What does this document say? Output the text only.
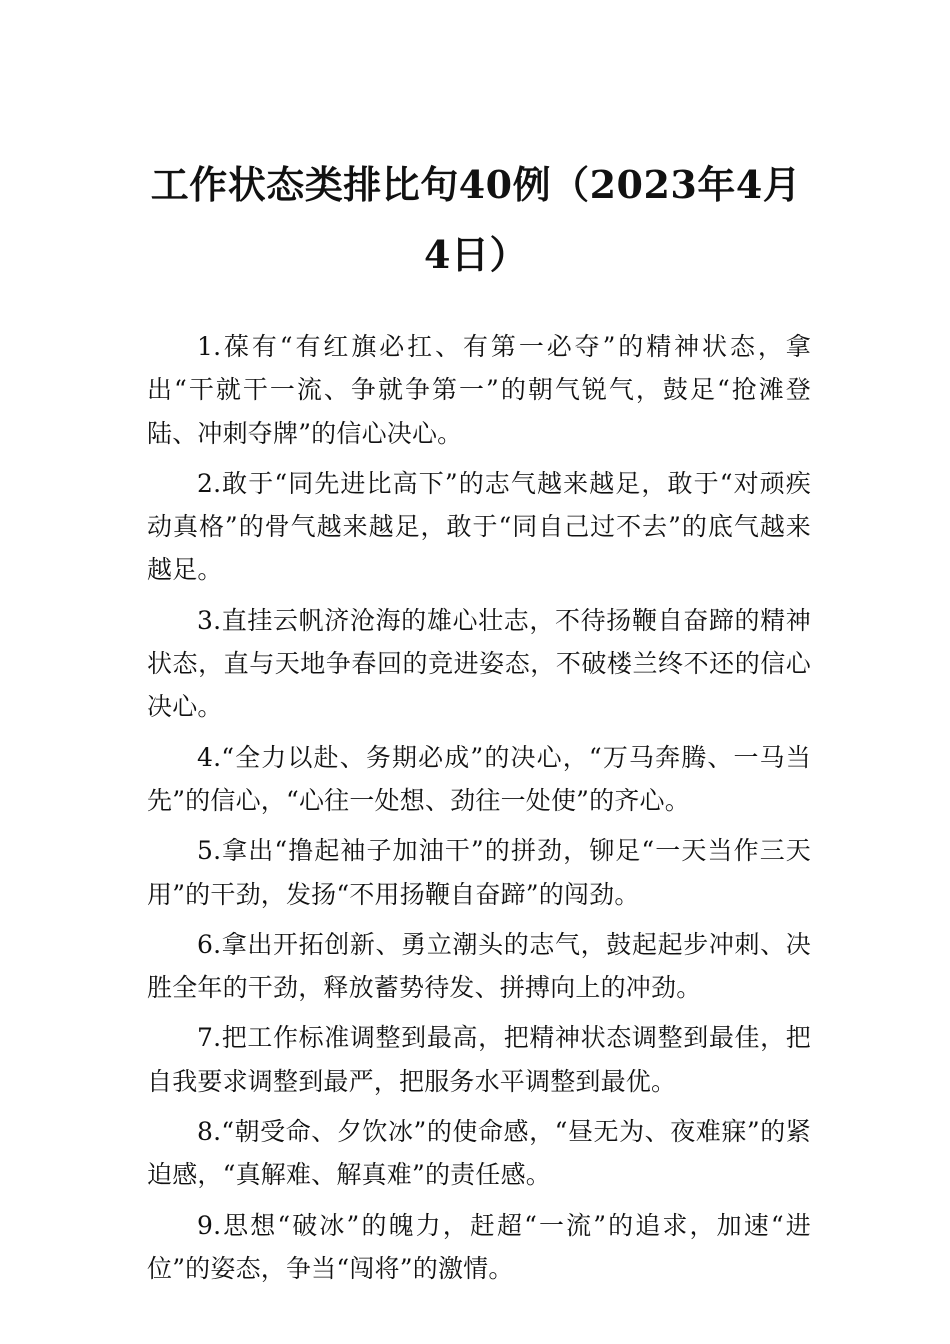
工作状态类排比句40例（2023年4月4日）

1.葆有“有红旗必扛、有第一必夺”的精神状态，拿出“干就干一流、争就争第一”的朝气锐气，鼓足“抢滩登陆、冲刺夺牌”的信心决心。

2.敢于“同先进比高下”的志气越来越足，敢于“对顽疾动真格”的骨气越来越足，敢于“同自己过不去”的底气越来越足。

3.直挂云帆济沧海的雄心壮志，不待扬鞭自奋蹄的精神状态，直与天地争春回的竞进姿态，不破楼兰终不还的信心决心。

4.“全力以赴、务期必成”的决心，“万马奔腾、一马当先”的信心，“心往一处想、劲往一处使”的齐心。

5.拿出“撸起袖子加油干”的拼劲，铆足“一天当作三天用”的干劲，发扬“不用扬鞭自奋蹄”的闯劲。

6.拿出开拓创新、勇立潮头的志气，鼓起起步冲刺、决胜全年的干劲，释放蓄势待发、拼搏向上的冲劲。

7.把工作标准调整到最高，把精神状态调整到最佳，把自我要求调整到最严，把服务水平调整到最优。

8.“朝受命、夕饮冰”的使命感，“昼无为、夜难寐”的紧迫感，“真解难、解真难”的责任感。

9.思想“破冰”的魄力，赶超“一流”的追求，加速“进位”的姿态，争当“闯将”的激情。
